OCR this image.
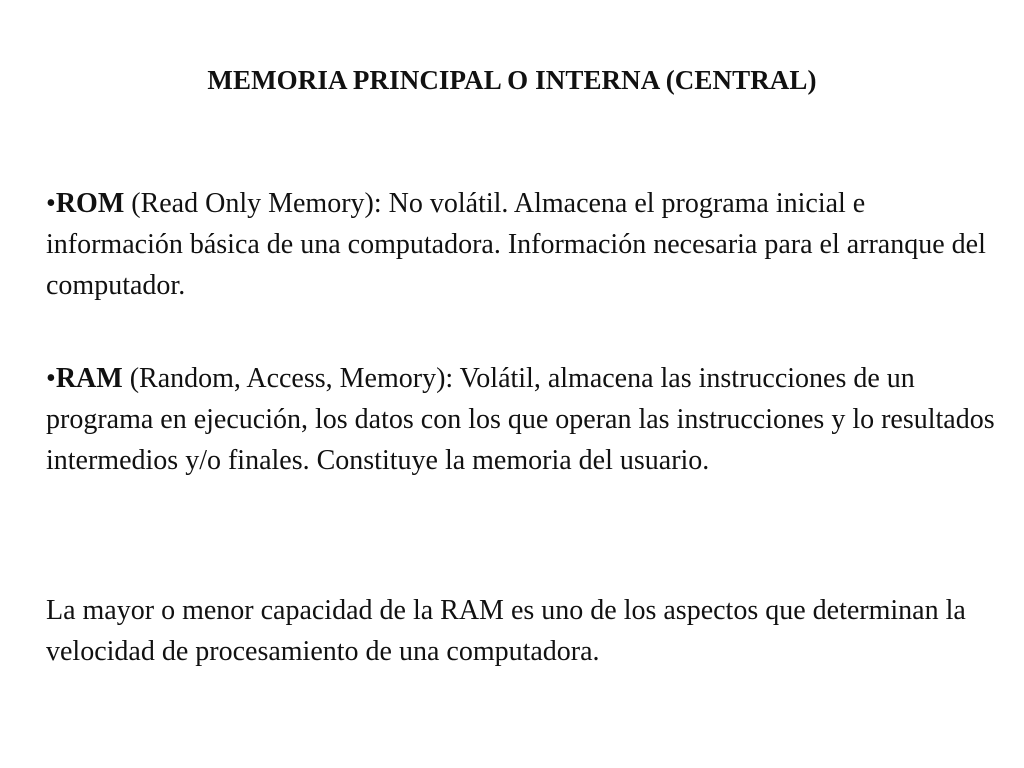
MEMORIA PRINCIPAL O INTERNA (CENTRAL)

•ROM (Read Only Memory): No volátil. Almacena el programa inicial e información básica de una computadora. Información necesaria para el arranque del computador.

•RAM (Random, Access, Memory): Volátil, almacena las instrucciones de un programa en ejecución, los datos con los que operan las instrucciones y lo resultados intermedios y/o finales. Constituye la memoria del usuario.

La mayor o menor capacidad de la RAM es uno de los aspectos que determinan la velocidad de procesamiento de una computadora.
